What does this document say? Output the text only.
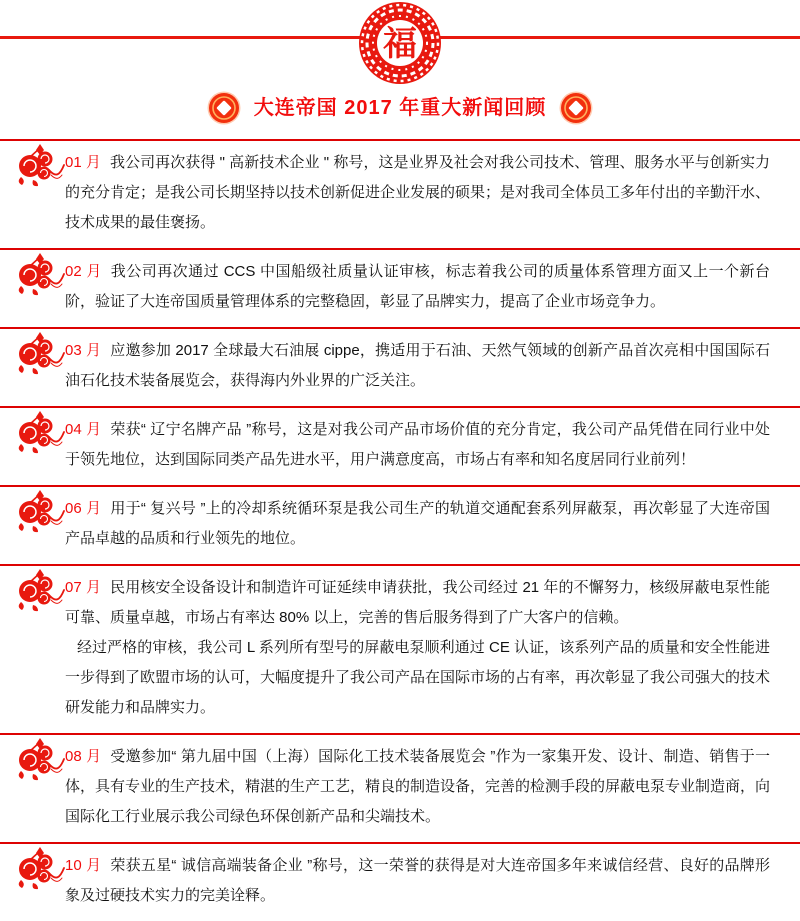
福
大连帝国 2017 年重大新闻回顾

01 月 我公司再次获得 " 高新技术企业 " 称号，这是业界及社会对我公司技术、管理、服务水平与创新实力的充分肯定；是我公司长期坚持以技术创新促进企业发展的硕果；是对我司全体员工多年付出的辛勤汗水、技术成果的最佳褒扬。

02 月 我公司再次通过 CCS 中国船级社质量认证审核，标志着我公司的质量体系管理方面又上一个新台阶，验证了大连帝国质量管理体系的完整稳固，彰显了品牌实力，提高了企业市场竞争力。

03 月 应邀参加 2017 全球最大石油展 cippe，携适用于石油、天然气领域的创新产品首次亮相中国国际石油石化技术装备展览会，获得海内外业界的广泛关注。

04 月 荣获“ 辽宁名牌产品 ”称号，这是对我公司产品市场价值的充分肯定，我公司产品凭借在同行业中处于领先地位，达到国际同类产品先进水平，用户满意度高，市场占有率和知名度居同行业前列！

06 月 用于“ 复兴号 ”上的冷却系统循环泵是我公司生产的轨道交通配套系列屏蔽泵，再次彰显了大连帝国产品卓越的品质和行业领先的地位。

07 月 民用核安全设备设计和制造许可证延续申请获批，我公司经过 21 年的不懈努力，核级屏蔽电泵性能可靠、质量卓越，市场占有率达 80% 以上，完善的售后服务得到了广大客户的信赖。

经过严格的审核，我公司 L 系列所有型号的屏蔽电泵顺利通过 CE 认证，该系列产品的质量和安全性能进一步得到了欧盟市场的认可，大幅度提升了我公司产品在国际市场的占有率，再次彰显了我公司强大的技术研发能力和品牌实力。

08 月 受邀参加“ 第九届中国（上海）国际化工技术装备展览会 ”作为一家集开发、设计、制造、销售于一体，具有专业的生产技术，精湛的生产工艺，精良的制造设备，完善的检测手段的屏蔽电泵专业制造商，向国际化工行业展示我公司绿色环保创新产品和尖端技术。

10 月 荣获五星“ 诚信高端装备企业 ”称号，这一荣誉的获得是对大连帝国多年来诚信经营、良好的品牌形象及过硬技术实力的完美诠释。
